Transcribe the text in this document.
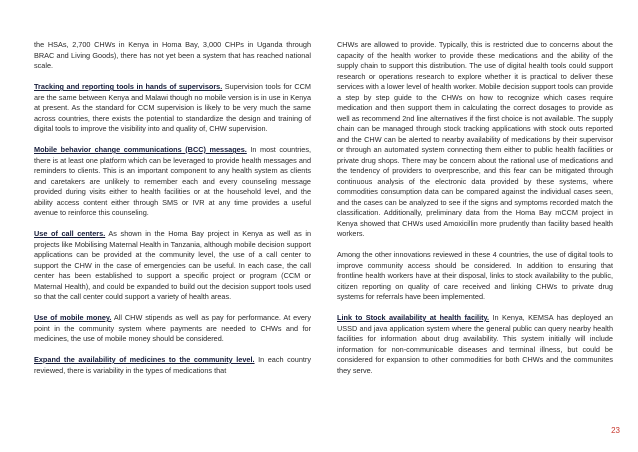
the HSAs, 2,700 CHWs in Kenya in Homa Bay, 3,000 CHPs in Uganda through BRAC and Living Goods), there has not yet been a system that has reached national scale.

Tracking and reporting tools in hands of supervisors. Supervision tools for CCM are the same between Kenya and Malawi though no mobile version is in use in Kenya at present. As the standard for CCM supervision is likely to be very much the same across countries, there exists the potential to standardize the design and training of digital tools to improve the visibility into and quality of, CHW supervision.

Mobile behavior change communications (BCC) messages. In most countries, there is at least one platform which can be leveraged to provide health messages and reminders to clients. This is an important component to any health system as clients and caretakers are unlikely to remember each and every counseling message provided during visits either to health facilities or at the household level, and the ability access content either through SMS or IVR at any time provides a useful avenue to reinforce this counseling.

Use of call centers. As shown in the Homa Bay project in Kenya as well as in projects like Mobilising Maternal Health in Tanzania, although mobile decision support applications can be provided at the community level, the use of a call center to support the CHW in the case of emergencies can be useful. In each case, the call center has been established to support a specific project or program (CCM or Maternal Health), and could be expanded to build out the decision support tools used so that the call center could support a variety of health areas.

Use of mobile money. All CHW stipends as well as pay for performance. At every point in the community system where payments are needed to CHWs and for medicines, the use of mobile money should be considered.

Expand the availability of medicines to the community level. In each country reviewed, there is variability in the types of medications that

CHWs are allowed to provide. Typically, this is restricted due to concerns about the capacity of the health worker to provide these medications and the ability of the supply chain to support this distribution. The use of digital health tools could support research or operations research to explore whether it is practical to deliver these services with a lower level of health worker. Mobile decision support tools can provide a step by step guide to the CHWs on how to recognize which cases require medication and then support them in calculating the correct dosages to provide as well as recommend 2nd line alternatives if the first choice is not available. The supply chain can be managed through stock tracking applications with stock outs reported and the CHW can be alerted to nearby availability of medications by their supervisor or through an automated system connecting them either to public health facilities or private drug shops. There may be concern about the rational use of medications and the tendency of providers to overprescribe, and this fear can be mitigated through continuous analysis of the electronic data provided by these systems, where commodities consumption data can be compared against the individual cases seen, and the cases can be analyzed to see if the signs and symptoms recorded match the classification. Additionally, preliminary data from the Homa Bay mCCM project in Kenya showed that CHWs used Amoxicillin more prudently than facility based health workers.

Among the other innovations reviewed in these 4 countries, the use of digital tools to improve community access should be considered. In addition to ensuring that frontline health workers have at their disposal, links to stock availability to the public, citizen reporting on quality of care received and linking CHWs to private drug systems for referrals have been implemented.

Link to Stock availability at health facility. In Kenya, KEMSA has deployed an USSD and java application system where the general public can query nearby health facilities for information about drug availability. This system initially will include information for non-communicable diseases and terminal illness, but could be considered for expansion to other commodities for both CHWs and the communites they serve.

23
